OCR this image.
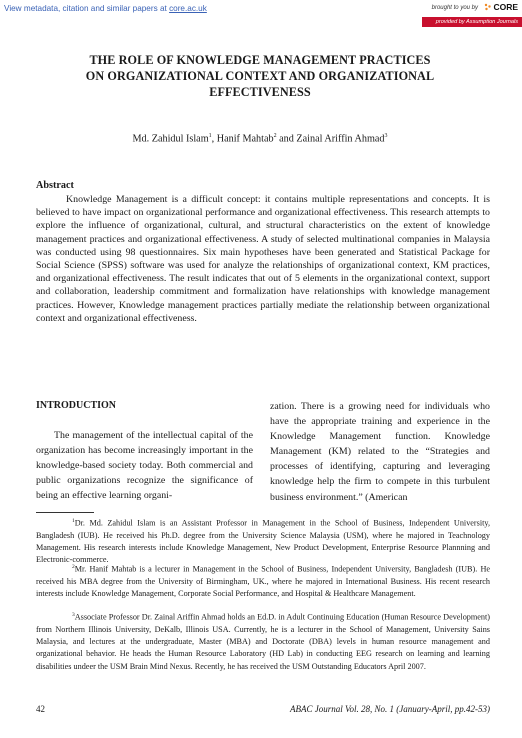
View metadata, citation and similar papers at core.ac.uk	brought to you by	CORE
provided by Assumption Journals
THE ROLE OF KNOWLEDGE MANAGEMENT PRACTICES
ON ORGANIZATIONAL CONTEXT AND ORGANIZATIONAL
EFFECTIVENESS
Md. Zahidul Islam$^1$, Hanif Mahtab$^2$ and Zainal Ariffin Ahmad$^3$
Abstract

Knowledge Management is a difficult concept: it contains multiple representations and concepts. It is believed to have impact on organizational performance and organizational effectiveness. This research attempts to explore the influence of organizational, cultural, and structural characteristics on the extent of knowledge management practices and organizational effectiveness. A study of selected multinational companies in Malaysia was conducted using 98 questionnaires. Six main hypotheses have been generated and Statistical Package for Social Science (SPSS) software was used for analyze the relationships of organizational context, KM practices, and organizational effectiveness. The result indicates that out of 5 elements in the organizational context, support and collaboration, leadership commitment and formalization have relationships with knowledge management practices. However, Knowledge management practices partially mediate the relationship between organizational context and organizational effectiveness.

INTRODUCTION

The management of the intellectual capital of the organization has become increasingly important in the knowledge-based society today. Both commercial and public organizations recognize the significance of being an effective learning organi-

zation. There is a growing need for individuals who have the appropriate training and experience in the Knowledge Management function. Knowledge Management (KM) related to the “Strategies and processes of identifying, capturing and leveraging knowledge help the firm to compete in this turbulent business environment.” (American

$^1$Dr. Md. Zahidul Islam is an Assistant Professor in Management in the School of Business, Independent University, Bangladesh (IUB). He received his Ph.D. degree from the University Science Malaysia (USM), where he majored in Teachnology Management. His research interests include Knowledge Management, New Product Development, Enterprise Resource Plannning and Electronic-commerce.

$^2$Mr. Hanif Mahtab is a lecturer in Management in the School of Business, Independent University, Bangladesh (IUB). He received his MBA degree from the University of Birmingham, UK., where he majored in International Business. His recent research interests include Knowledge Management, Corporate Social Performance, and Hospital & Healthcare Management.

$^3$Associate Professor Dr. Zainal Ariffin Ahmad holds an Ed.D. in Adult Continuing Education (Human Resource Development) from Northern Illinois University, DeKalb, Illinois USA. Currently, he is a lecturer in the School of Management, University Sains Malaysia, and lectures at the undergraduate, Master (MBA) and Doctorate (DBA) levels in human resource management and organizational behavior. He heads the Human Resource Laboratory (HD Lab) in conducting EEG research on learning and learning disabilities undeer the USM Brain Mind Nexus. Recently, he has received the USM Outstanding Educators April 2007.

42	ABAC Journal Vol. 28, No. 1 (January-April, pp.42-53)
